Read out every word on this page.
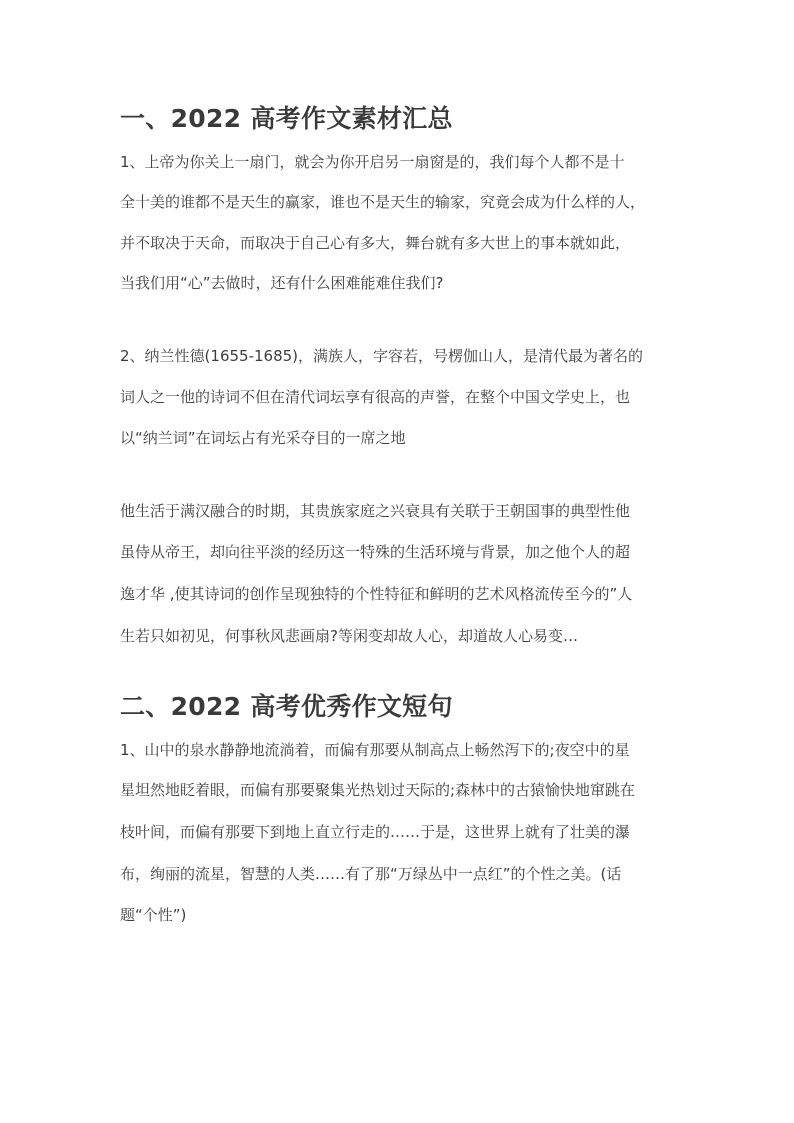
一、2022 高考作文素材汇总
1、上帝为你关上一扇门，就会为你开启另一扇窗是的，我们每个人都不是十
全十美的谁都不是天生的赢家，谁也不是天生的输家，究竟会成为什么样的人，
并不取决于天命，而取决于自己心有多大，舞台就有多大世上的事本就如此，
当我们用“心”去做时，还有什么困难能难住我们?
2、纳兰性德(1655-1685)，满族人，字容若，号楞伽山人，是清代最为著名的
词人之一他的诗词不但在清代词坛享有很高的声誉，在整个中国文学史上，也
以“纳兰词”在词坛占有光采夺目的一席之地
他生活于满汉融合的时期，其贵族家庭之兴衰具有关联于王朝国事的典型性他
虽侍从帝王，却向往平淡的经历这一特殊的生活环境与背景，加之他个人的超
逸才华 ,使其诗词的创作呈现独特的个性特征和鲜明的艺术风格流传至今的”人
生若只如初见，何事秋风悲画扇?等闲变却故人心，却道故人心易变…
二、2022 高考优秀作文短句
1、山中的泉水静静地流淌着，而偏有那要从制高点上畅然泻下的;夜空中的星
星坦然地眨着眼，而偏有那要聚集光热划过天际的;森林中的古猿愉快地窜跳在
枝叶间，而偏有那要下到地上直立行走的……于是，这世界上就有了壮美的瀑
布，绚丽的流星，智慧的人类……有了那“万绿丛中一点红”的个性之美。(话
题“个性”)
